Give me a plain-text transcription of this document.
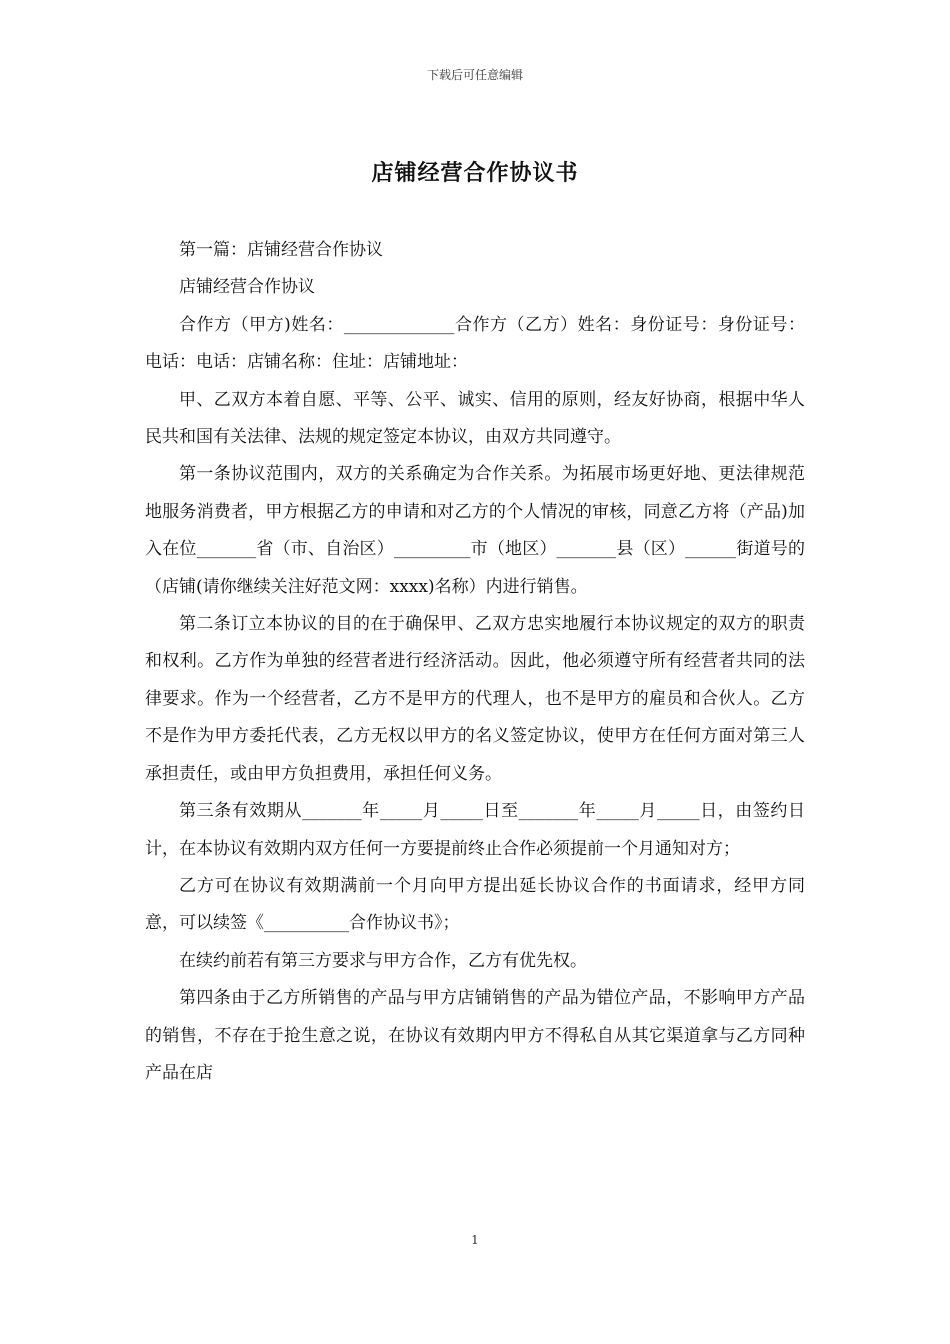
下载后可任意编辑
店铺经营合作协议书

第一篇：店铺经营合作协议

店铺经营合作协议

合作方（甲方)姓名：_____________合作方（乙方）姓名：身份证号：身份证号：电话：电话：店铺名称：住址：店铺地址：

甲、乙双方本着自愿、平等、公平、诚实、信用的原则，经友好协商，根据中华人民共和国有关法律、法规的规定签定本协议，由双方共同遵守。

第一条协议范围内，双方的关系确定为合作关系。为拓展市场更好地、更法律规范地服务消费者，甲方根据乙方的申请和对乙方的个人情况的审核，同意乙方将（产品)加入在位_______省（市、自治区）_________市（地区）_______县（区）______街道号的（店铺(请你继续关注好范文网：xxxx)名称）内进行销售。

第二条订立本协议的目的在于确保甲、乙双方忠实地履行本协议规定的双方的职责和权利。乙方作为单独的经营者进行经济活动。因此，他必须遵守所有经营者共同的法律要求。作为一个经营者，乙方不是甲方的代理人，也不是甲方的雇员和合伙人。乙方不是作为甲方委托代表，乙方无权以甲方的名义签定协议，使甲方在任何方面对第三人承担责任，或由甲方负担费用，承担任何义务。

第三条有效期从_______年_____月_____日至_______年_____月_____日，由签约日计，在本协议有效期内双方任何一方要提前终止合作必须提前一个月通知对方；

乙方可在协议有效期满前一个月向甲方提出延长协议合作的书面请求，经甲方同意，可以续签《__________合作协议书》；

在续约前若有第三方要求与甲方合作，乙方有优先权。

第四条由于乙方所销售的产品与甲方店铺销售的产品为错位产品，不影响甲方产品的销售，不存在于抢生意之说，在协议有效期内甲方不得私自从其它渠道拿与乙方同种产品在店

1
